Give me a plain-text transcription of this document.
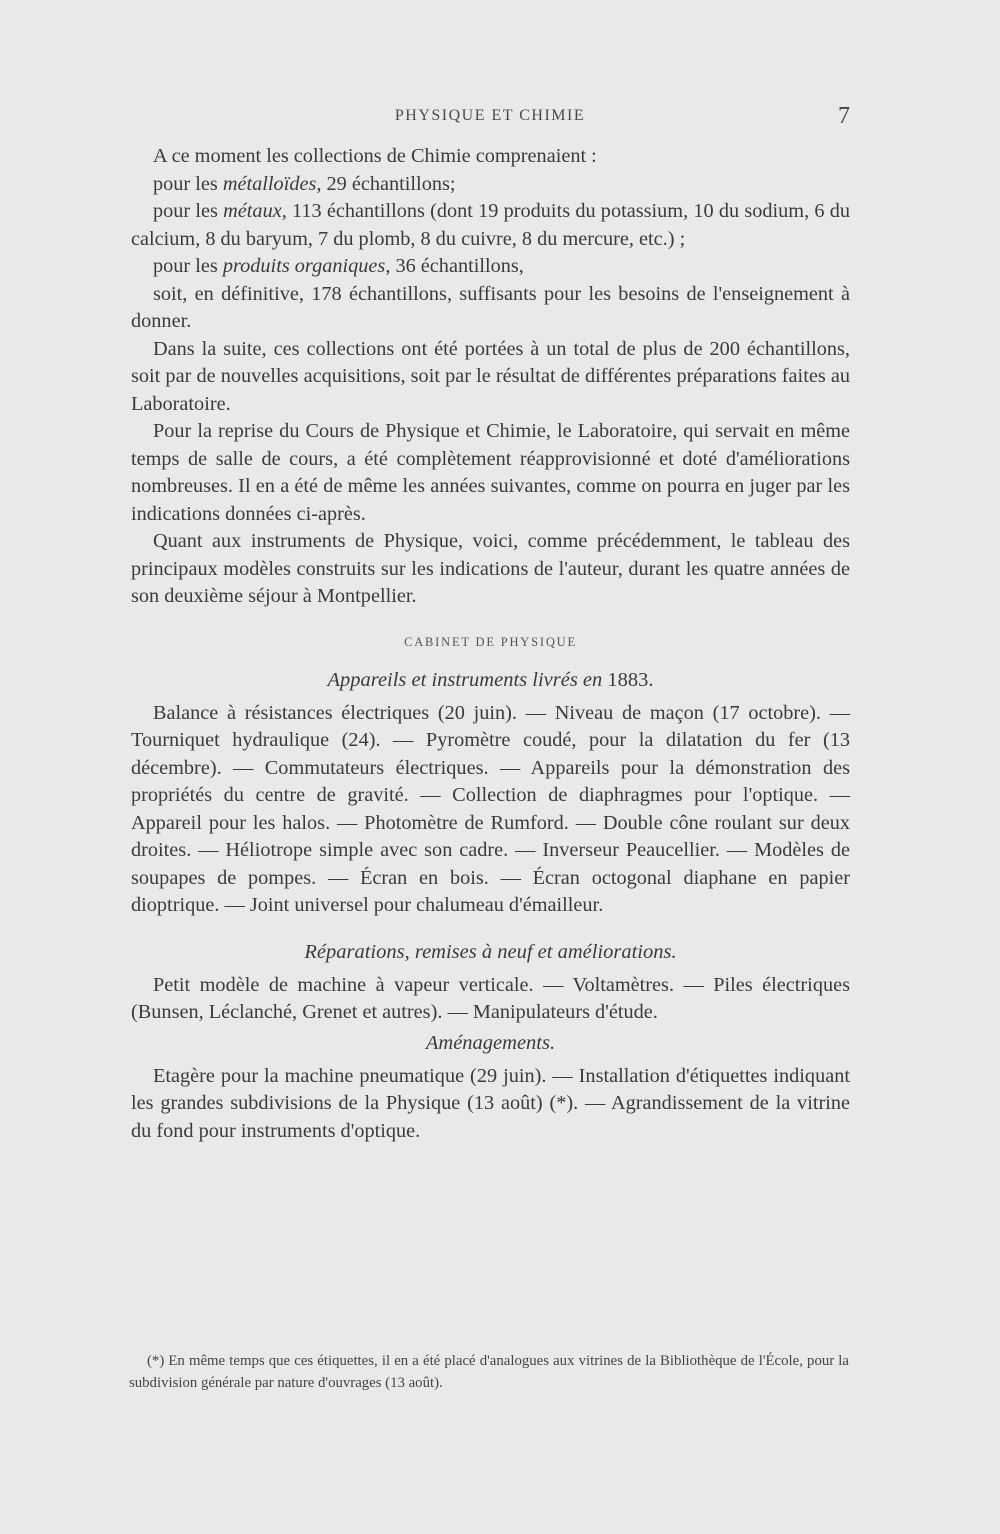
PHYSIQUE ET CHIMIE	7

A ce moment les collections de Chimie comprenaient :

pour les métalloïdes, 29 échantillons;

pour les métaux, 113 échantillons (dont 19 produits du potassium, 10 du sodium, 6 du calcium, 8 du baryum, 7 du plomb, 8 du cuivre, 8 du mercure, etc.) ;

pour les produits organiques, 36 échantillons,

soit, en définitive, 178 échantillons, suffisants pour les besoins de l'enseignement à donner.

Dans la suite, ces collections ont été portées à un total de plus de 200 échantillons, soit par de nouvelles acquisitions, soit par le résultat de différentes préparations faites au Laboratoire.

Pour la reprise du Cours de Physique et Chimie, le Laboratoire, qui servait en même temps de salle de cours, a été complètement réapprovisionné et doté d'améliorations nombreuses. Il en a été de même les années suivantes, comme on pourra en juger par les indications données ci-après.

Quant aux instruments de Physique, voici, comme précédemment, le tableau des principaux modèles construits sur les indications de l'auteur, durant les quatre années de son deuxième séjour à Montpellier.

CABINET DE PHYSIQUE
Appareils et instruments livrés en 1883.

Balance à résistances électriques (20 juin). — Niveau de maçon (17 octobre). — Tourniquet hydraulique (24). — Pyromètre coudé, pour la dilatation du fer (13 décembre). — Commutateurs électriques. — Appareils pour la démonstration des propriétés du centre de gravité. — Collection de diaphragmes pour l'optique. — Appareil pour les halos. — Photomètre de Rumford. — Double cône roulant sur deux droites. — Héliotrope simple avec son cadre. — Inverseur Peaucellier. — Modèles de soupapes de pompes. — Écran en bois. — Écran octogonal diaphane en papier dioptrique. — Joint universel pour chalumeau d'émailleur.

Réparations, remises à neuf et améliorations.

Petit modèle de machine à vapeur verticale. — Voltamètres. — Piles électriques (Bunsen, Léclanché, Grenet et autres). — Manipulateurs d'étude.

Aménagements.

Etagère pour la machine pneumatique (29 juin). — Installation d'étiquettes indiquant les grandes subdivisions de la Physique (13 août) (*). — Agrandissement de la vitrine du fond pour instruments d'optique.

(*) En même temps que ces étiquettes, il en a été placé d'analogues aux vitrines de la Bibliothèque de l'École, pour la subdivision générale par nature d'ouvrages (13 août).
